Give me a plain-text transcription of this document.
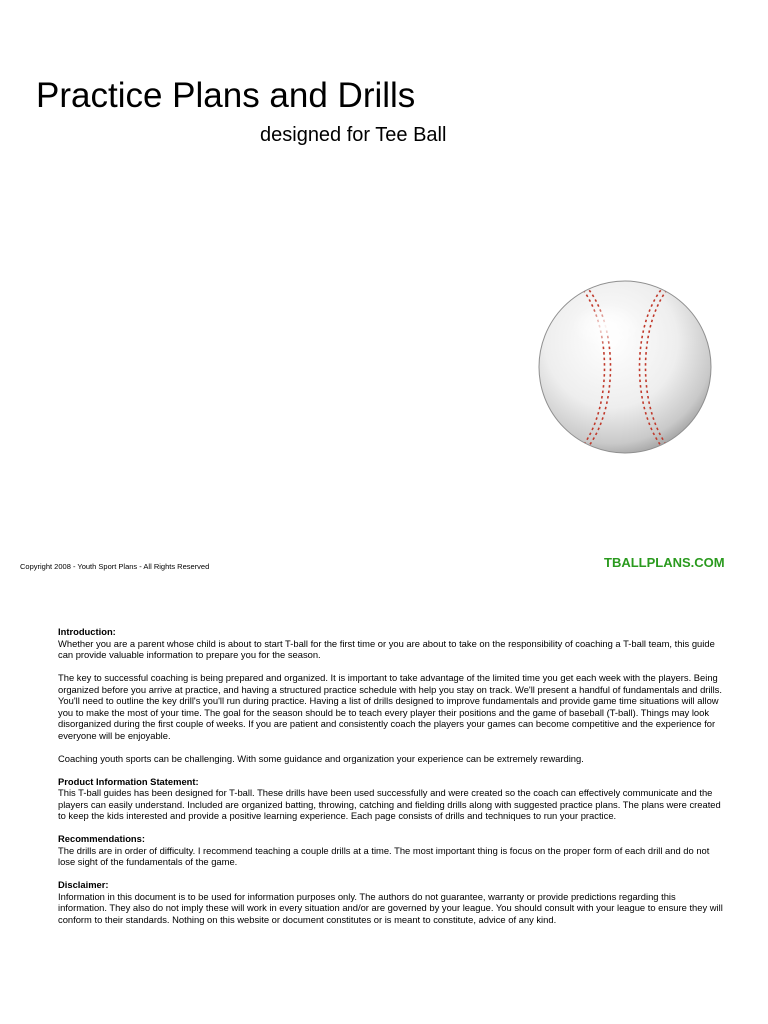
Practice Plans and Drills
designed for Tee Ball
Copyright 2008 - Youth Sport Plans - All Rights Reserved	TBALLPLANS.COM
Introduction:

Whether you are a parent whose child is about to start T-ball for the first time or you are about to take on the responsibility of coaching a T-ball team, this guide can provide valuable information to prepare you for the season.

The key to successful coaching is being prepared and organized. It is important to take advantage of the limited time you get each week with the players. Being organized before you arrive at practice, and having a structured practice schedule with help you stay on track. We'll present a handful of fundamentals and drills. You'll need to outline the key drill's you'll run during practice. Having a list of drills designed to improve fundamentals and provide game time situations will allow you to make the most of your time. The goal for the season should be to teach every player their positions and the game of baseball (T-ball). Things may look disorganized during the first couple of weeks. If you are patient and consistently coach the players your games can become competitive and the experience for everyone will be enjoyable.

Coaching youth sports can be challenging. With some guidance and organization your experience can be extremely rewarding.

Product Information Statement:

This T-ball guides has been designed for T-ball. These drills have been used successfully and were created so the coach can effectively communicate and the players can easily understand. Included are organized batting, throwing, catching and fielding drills along with suggested practice plans. The plans were created to keep the kids interested and provide a positive learning experience. Each page consists of drills and techniques to run your practice.

Recommendations:

The drills are in order of difficulty. I recommend teaching a couple drills at a time. The most important thing is focus on the proper form of each drill and do not lose sight of the fundamentals of the game.

Disclaimer:

Information in this document is to be used for information purposes only. The authors do not guarantee, warranty or provide predictions regarding this information. They also do not imply these will work in every situation and/or are governed by your league. You should consult with your league to ensure they will conform to their standards. Nothing on this website or document constitutes or is meant to constitute, advice of any kind.
